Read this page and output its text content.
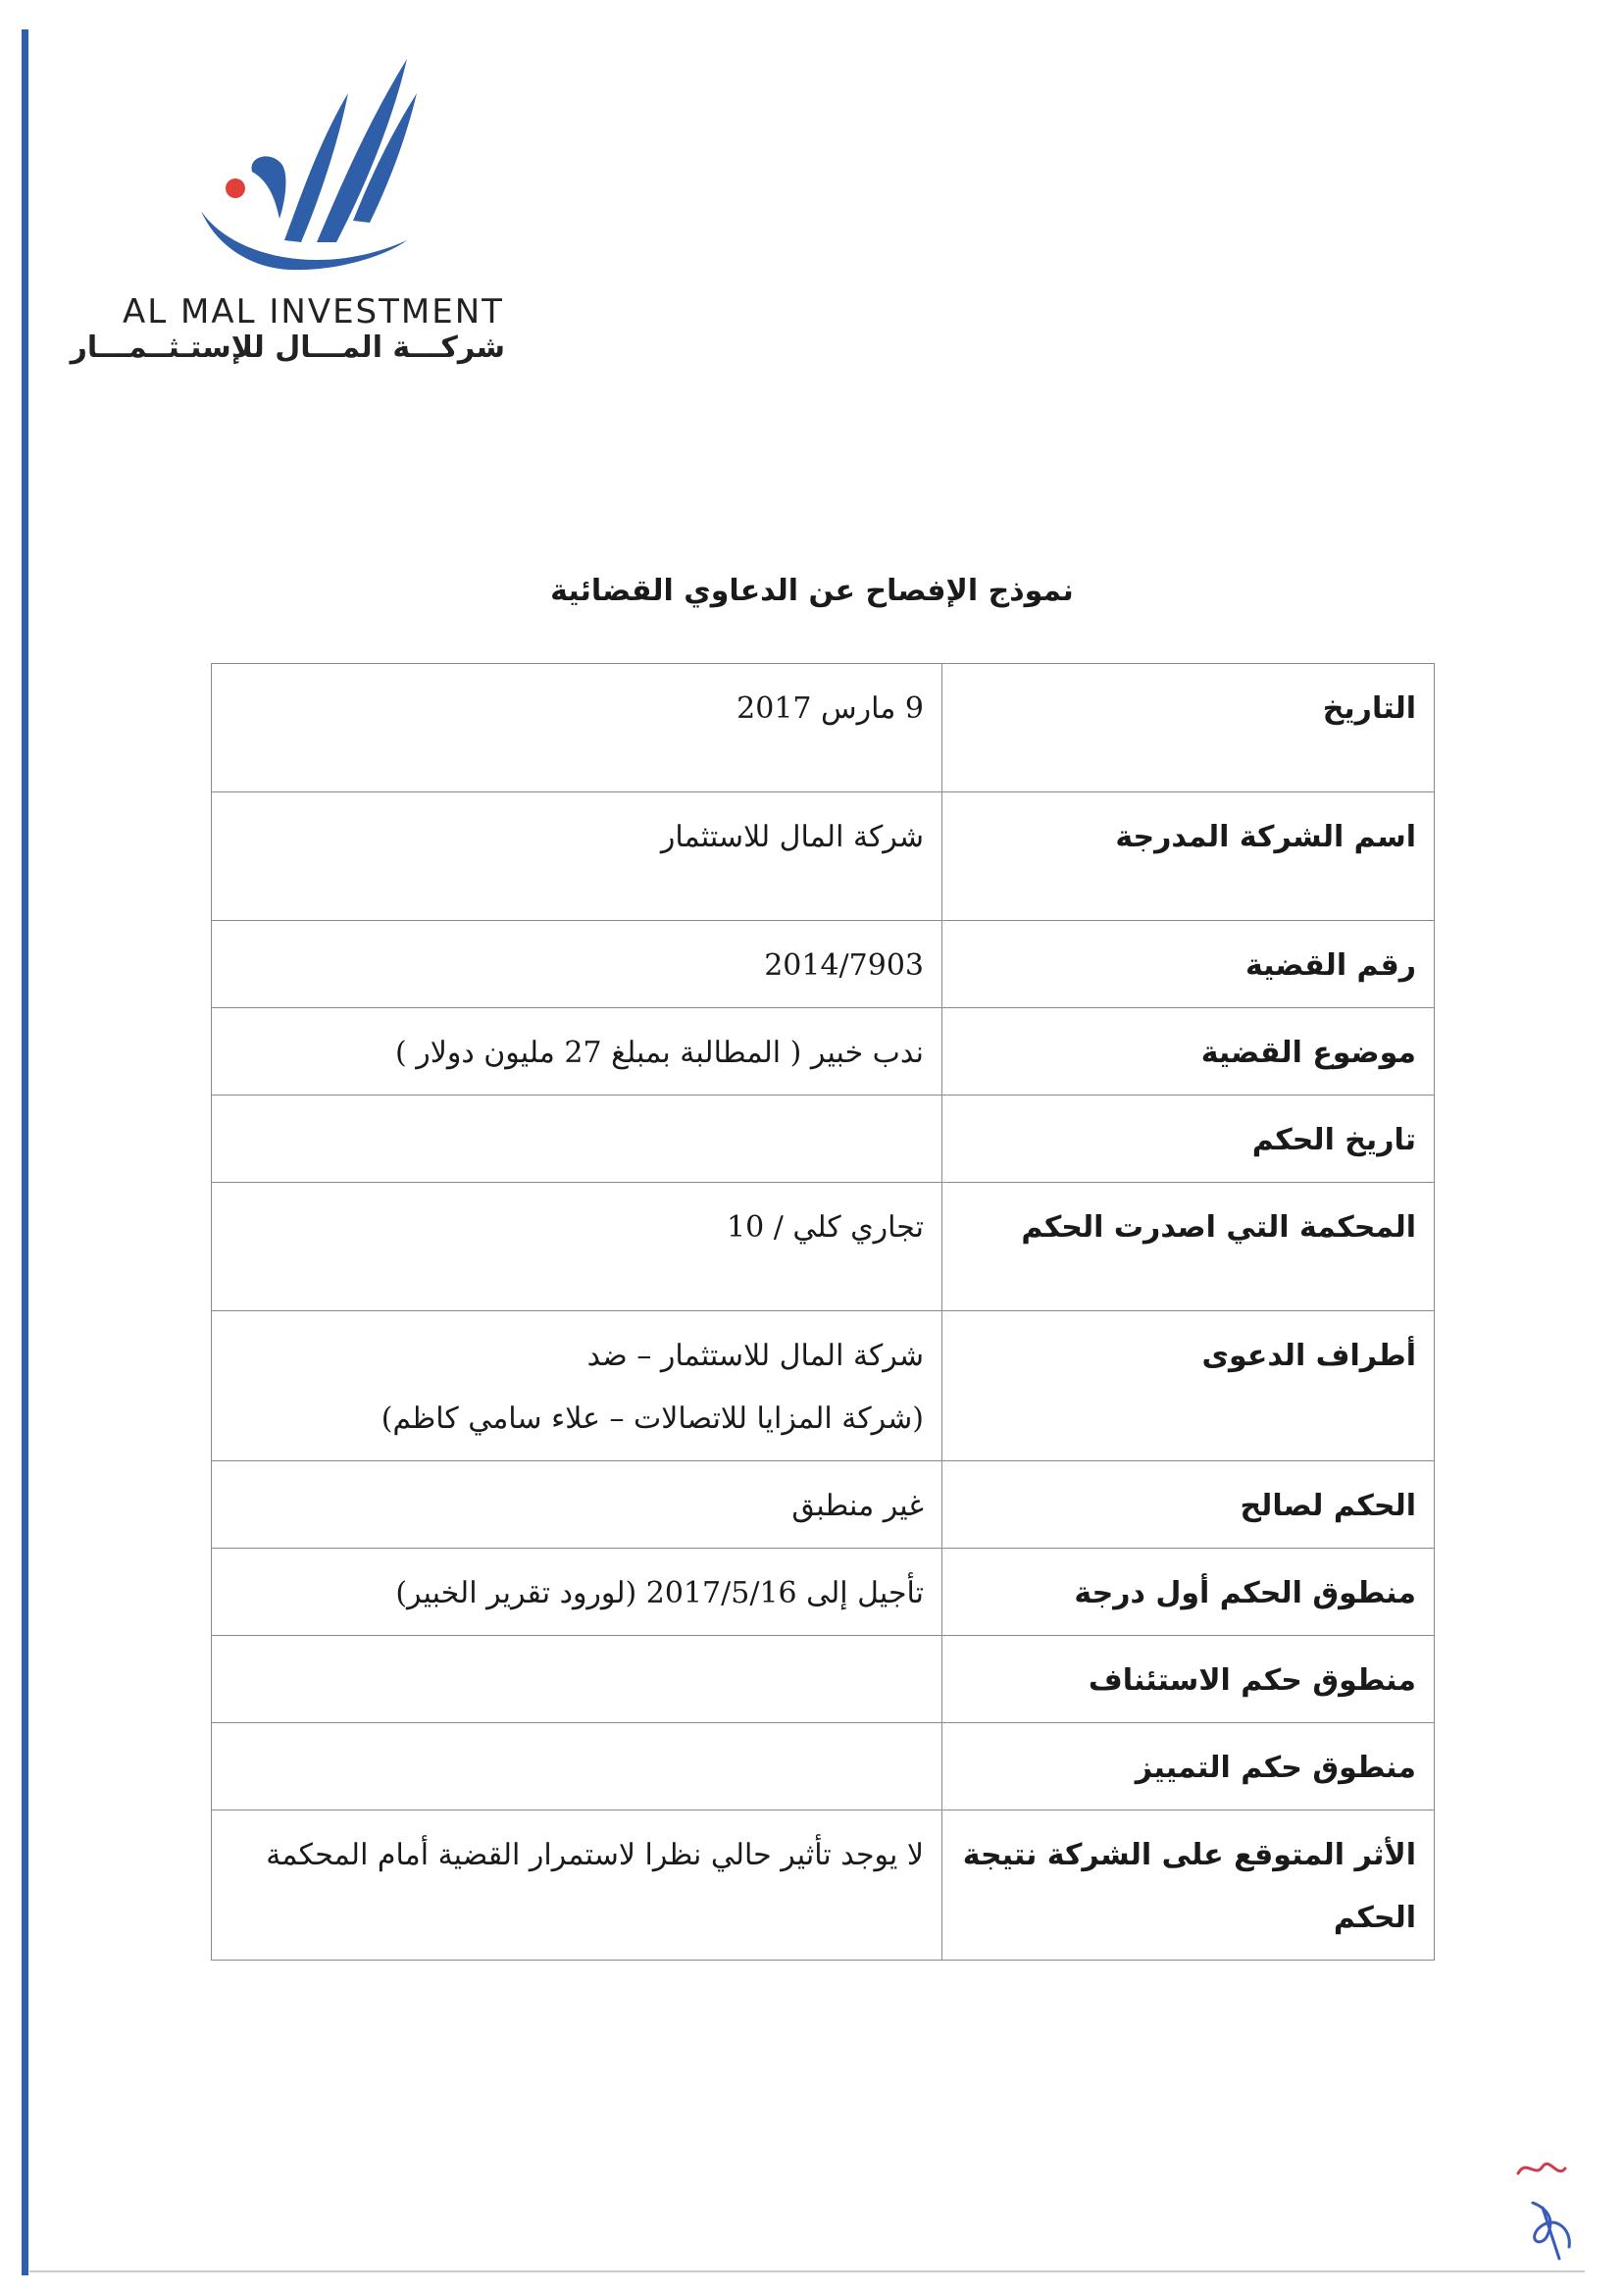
AL MAL INVESTMENT
شركـــة المـــال للإستـثــمـــار
نموذج الإفصاح عن الدعاوي القضائية
التاريخ	9 مارس 2017
اسم الشركة المدرجة	شركة المال للاستثمار
رقم القضية	2014/7903
موضوع القضية	ندب خبير ( المطالبة بمبلغ 27 مليون دولار )
تاريخ الحكم	
المحكمة التي اصدرت الحكم	تجاري كلي / 10
أطراف الدعوى	شركة المال للاستثمار – ضد
(شركة المزايا للاتصالات – علاء سامي كاظم)

الحكم لصالح	غير منطبق
منطوق الحكم أول درجة	تأجيل إلى 2017/5/16 (لورود تقرير الخبير)
منطوق حكم الاستئناف	
منطوق حكم التمييز	
الأثر المتوقع على الشركة نتيجة الحكم	لا يوجد تأثير حالي نظرا لاستمرار القضية أمام المحكمة
